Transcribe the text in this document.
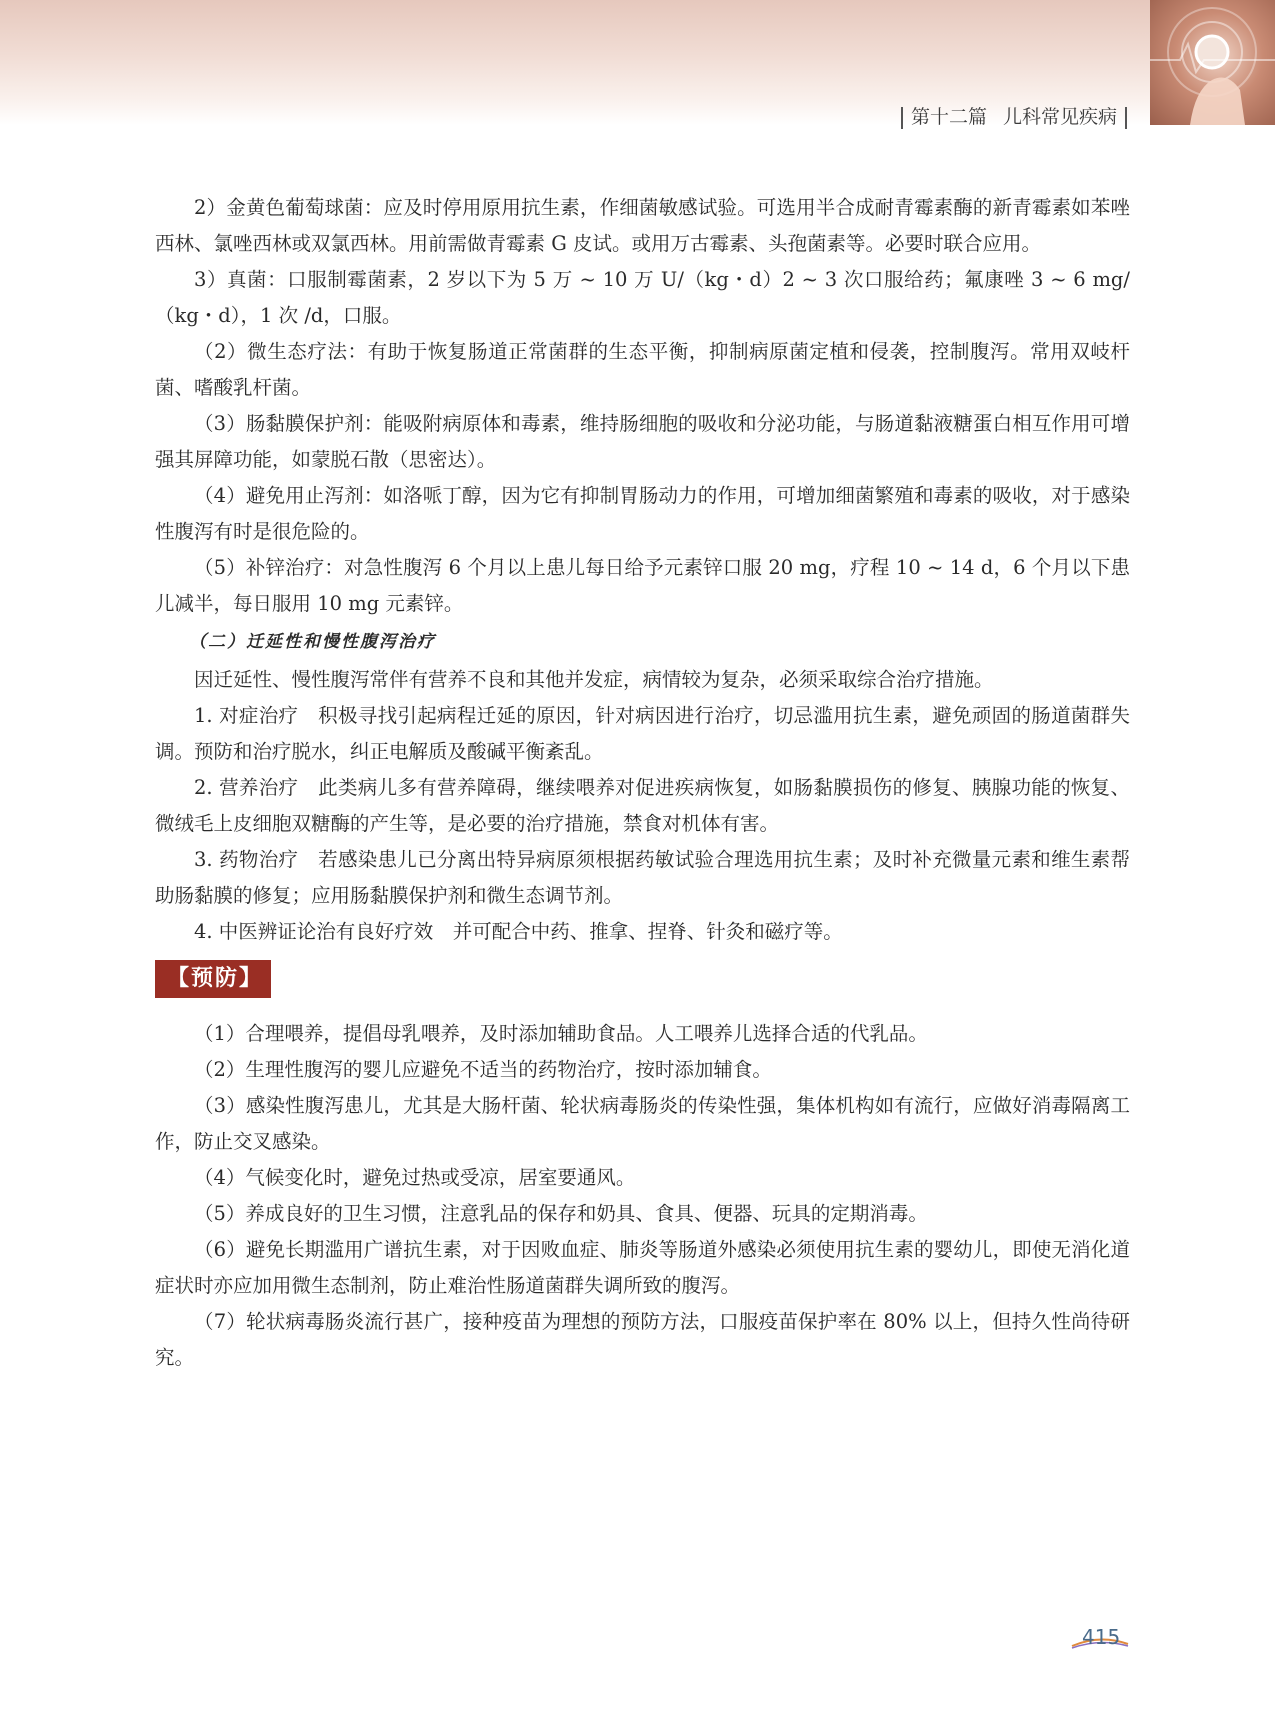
第十二篇 儿科常见疾病

2）金黄色葡萄球菌：应及时停用原用抗生素，作细菌敏感试验。可选用半合成耐青霉素酶的新青霉素如苯唑西林、氯唑西林或双氯西林。用前需做青霉素 G 皮试。或用万古霉素、头孢菌素等。必要时联合应用。

3）真菌：口服制霉菌素，2 岁以下为 5 万 ~ 10 万 U/（kg・d）2 ~ 3 次口服给药；氟康唑 3 ~ 6 mg/（kg・d），1 次 /d，口服。

（2）微生态疗法：有助于恢复肠道正常菌群的生态平衡，抑制病原菌定植和侵袭，控制腹泻。常用双岐杆菌、嗜酸乳杆菌。

（3）肠黏膜保护剂：能吸附病原体和毒素，维持肠细胞的吸收和分泌功能，与肠道黏液糖蛋白相互作用可增强其屏障功能，如蒙脱石散（思密达）。

（4）避免用止泻剂：如洛哌丁醇，因为它有抑制胃肠动力的作用，可增加细菌繁殖和毒素的吸收，对于感染性腹泻有时是很危险的。

（5）补锌治疗：对急性腹泻 6 个月以上患儿每日给予元素锌口服 20 mg，疗程 10 ~ 14 d，6 个月以下患儿减半，每日服用 10 mg 元素锌。

（二）迁延性和慢性腹泻治疗

因迁延性、慢性腹泻常伴有营养不良和其他并发症，病情较为复杂，必须采取综合治疗措施。

1. 对症治疗　积极寻找引起病程迁延的原因，针对病因进行治疗，切忌滥用抗生素，避免顽固的肠道菌群失调。预防和治疗脱水，纠正电解质及酸碱平衡紊乱。

2. 营养治疗　此类病儿多有营养障碍，继续喂养对促进疾病恢复，如肠黏膜损伤的修复、胰腺功能的恢复、微绒毛上皮细胞双糖酶的产生等，是必要的治疗措施，禁食对机体有害。

3. 药物治疗　若感染患儿已分离出特异病原须根据药敏试验合理选用抗生素；及时补充微量元素和维生素帮助肠黏膜的修复；应用肠黏膜保护剂和微生态调节剂。

4. 中医辨证论治有良好疗效　并可配合中药、推拿、捏脊、针灸和磁疗等。

【预防】

（1）合理喂养，提倡母乳喂养，及时添加辅助食品。人工喂养儿选择合适的代乳品。

（2）生理性腹泻的婴儿应避免不适当的药物治疗，按时添加辅食。

（3）感染性腹泻患儿，尤其是大肠杆菌、轮状病毒肠炎的传染性强，集体机构如有流行，应做好消毒隔离工作，防止交叉感染。

（4）气候变化时，避免过热或受凉，居室要通风。

（5）养成良好的卫生习惯，注意乳品的保存和奶具、食具、便器、玩具的定期消毒。

（6）避免长期滥用广谱抗生素，对于因败血症、肺炎等肠道外感染必须使用抗生素的婴幼儿，即使无消化道症状时亦应加用微生态制剂，防止难治性肠道菌群失调所致的腹泻。

（7）轮状病毒肠炎流行甚广，接种疫苗为理想的预防方法，口服疫苗保护率在 80% 以上，但持久性尚待研究。

415
